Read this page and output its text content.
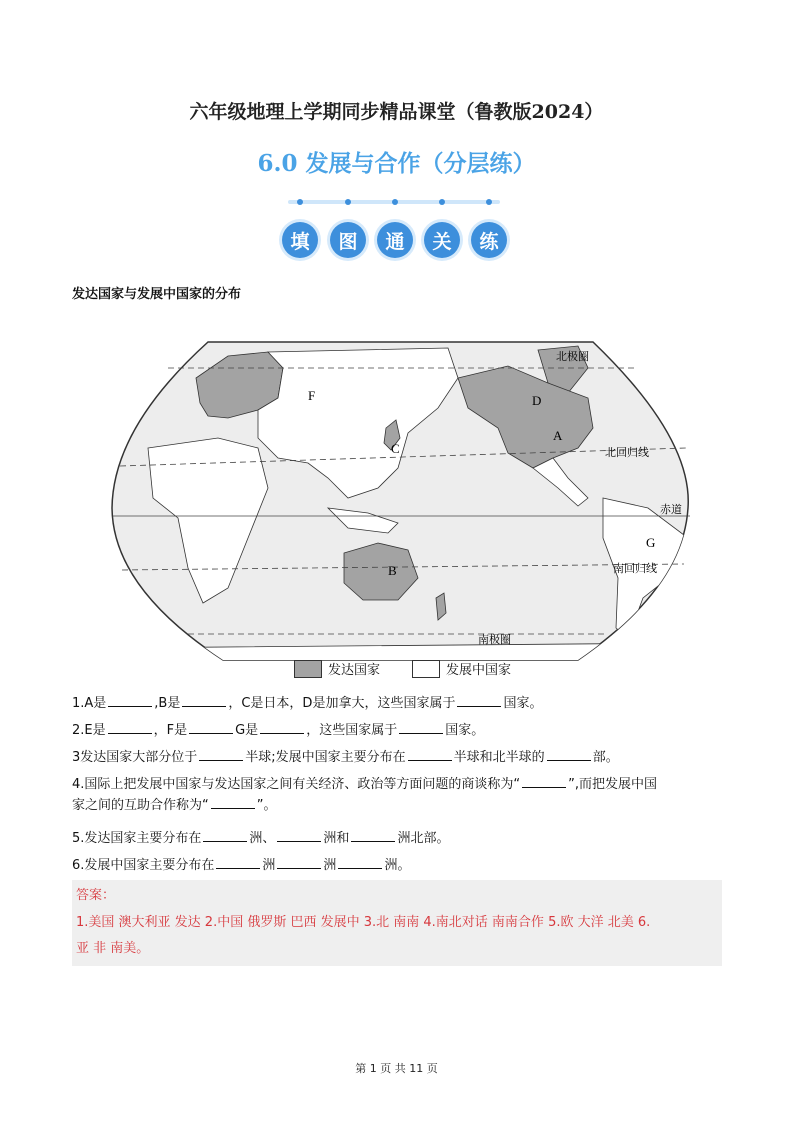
六年级地理上学期同步精品课堂（鲁教版2024）
6.0 发展与合作（分层练）
填	图	通	关	练
发达国家与发展中国家的分布
F
C
D
A
G
B
北极圈
北回归线
赤道
南回归线
南极圈
发达国家	发展中国家
1.A是	,B是	，C是日本，D是加拿大，这些国家属于	国家。
2.E是	，F是	G是	，这些国家属于	国家。
3发达国家大部分位于	半球;发展中国家主要分布在	半球和北半球的	部。
4.国际上把发展中国家与发达国家之间有关经济、政治等方面问题的商谈称为“	”,而把发展中国
家之间的互助合作称为“	”。
5.发达国家主要分布在	洲、	洲和	洲北部。
6.发展中国家主要分布在	洲	洲	洲。
答案：
1.美国 澳大利亚 发达 2.中国 俄罗斯 巴西 发展中 3.北 南南 4.南北对话 南南合作 5.欧 大洋 北美 6.
亚 非 南美。
第 1 页 共 11 页
